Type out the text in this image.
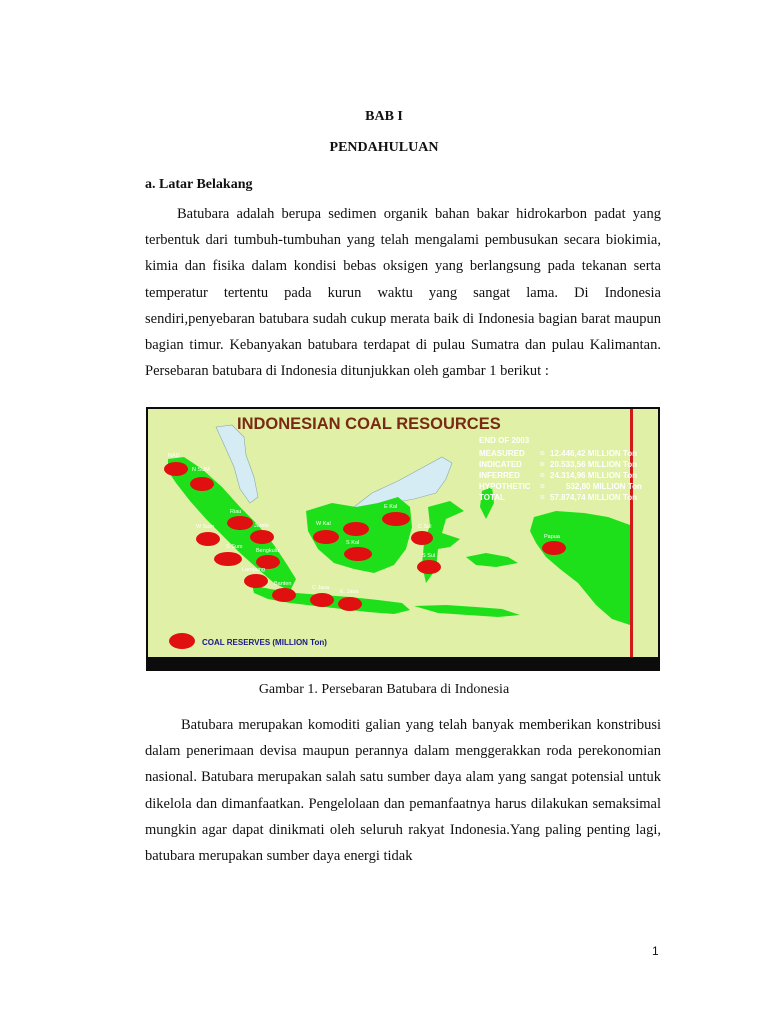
BAB I
PENDAHULUAN
a. Latar Belakang

Batubara adalah berupa sedimen organik bahan bakar hidrokarbon padat yang terbentuk dari tumbuh-tumbuhan yang telah mengalami pembusukan secara biokimia, kimia dan fisika dalam kondisi bebas oksigen yang berlangsung pada tekanan serta temperatur tertentu pada kurun waktu yang sangat lama. Di Indonesia sendiri,penyebaran batubara sudah cukup merata baik di Indonesia bagian barat maupun bagian timur. Kebanyakan batubara terdapat di pulau Sumatra dan pulau Kalimantan. Persebaran batubara di Indonesia ditunjukkan oleh gambar 1 berikut :

INDONESIAN COAL RESOURCES
END OF 2003
MEASURED = 12.446,42 MILLION Ton
INDICATED = 20.533,56 MILLION Ton
INFERRED	= 24.314,96 MILLION Ton
HYPOTHETIC =	532,80 MILLION Ton
TOTAL	= 57.874,74 MILLION Ton
NAD
N SUM
Riau
Jambi
W Sum
S Sum
Bengkulu
Lampung
Banten
C Java
E. Java
W Kal
E Kal
S Kal
C Sul
S Sul
Papua
COAL RESERVES (MILLION Ton)
Gambar 1. Persebaran Batubara di Indonesia

Batubara merupakan komoditi galian yang telah banyak memberikan konstribusi dalam penerimaan devisa maupun perannya dalam menggerakkan roda perekonomian nasional. Batubara merupakan salah satu sumber daya alam yang sangat potensial untuk dikelola dan dimanfaatkan. Pengelolaan dan pemanfaatnya harus dilakukan semaksimal mungkin agar dapat dinikmati oleh seluruh rakyat Indonesia.Yang paling penting lagi, batubara merupakan sumber daya energi tidak

1
